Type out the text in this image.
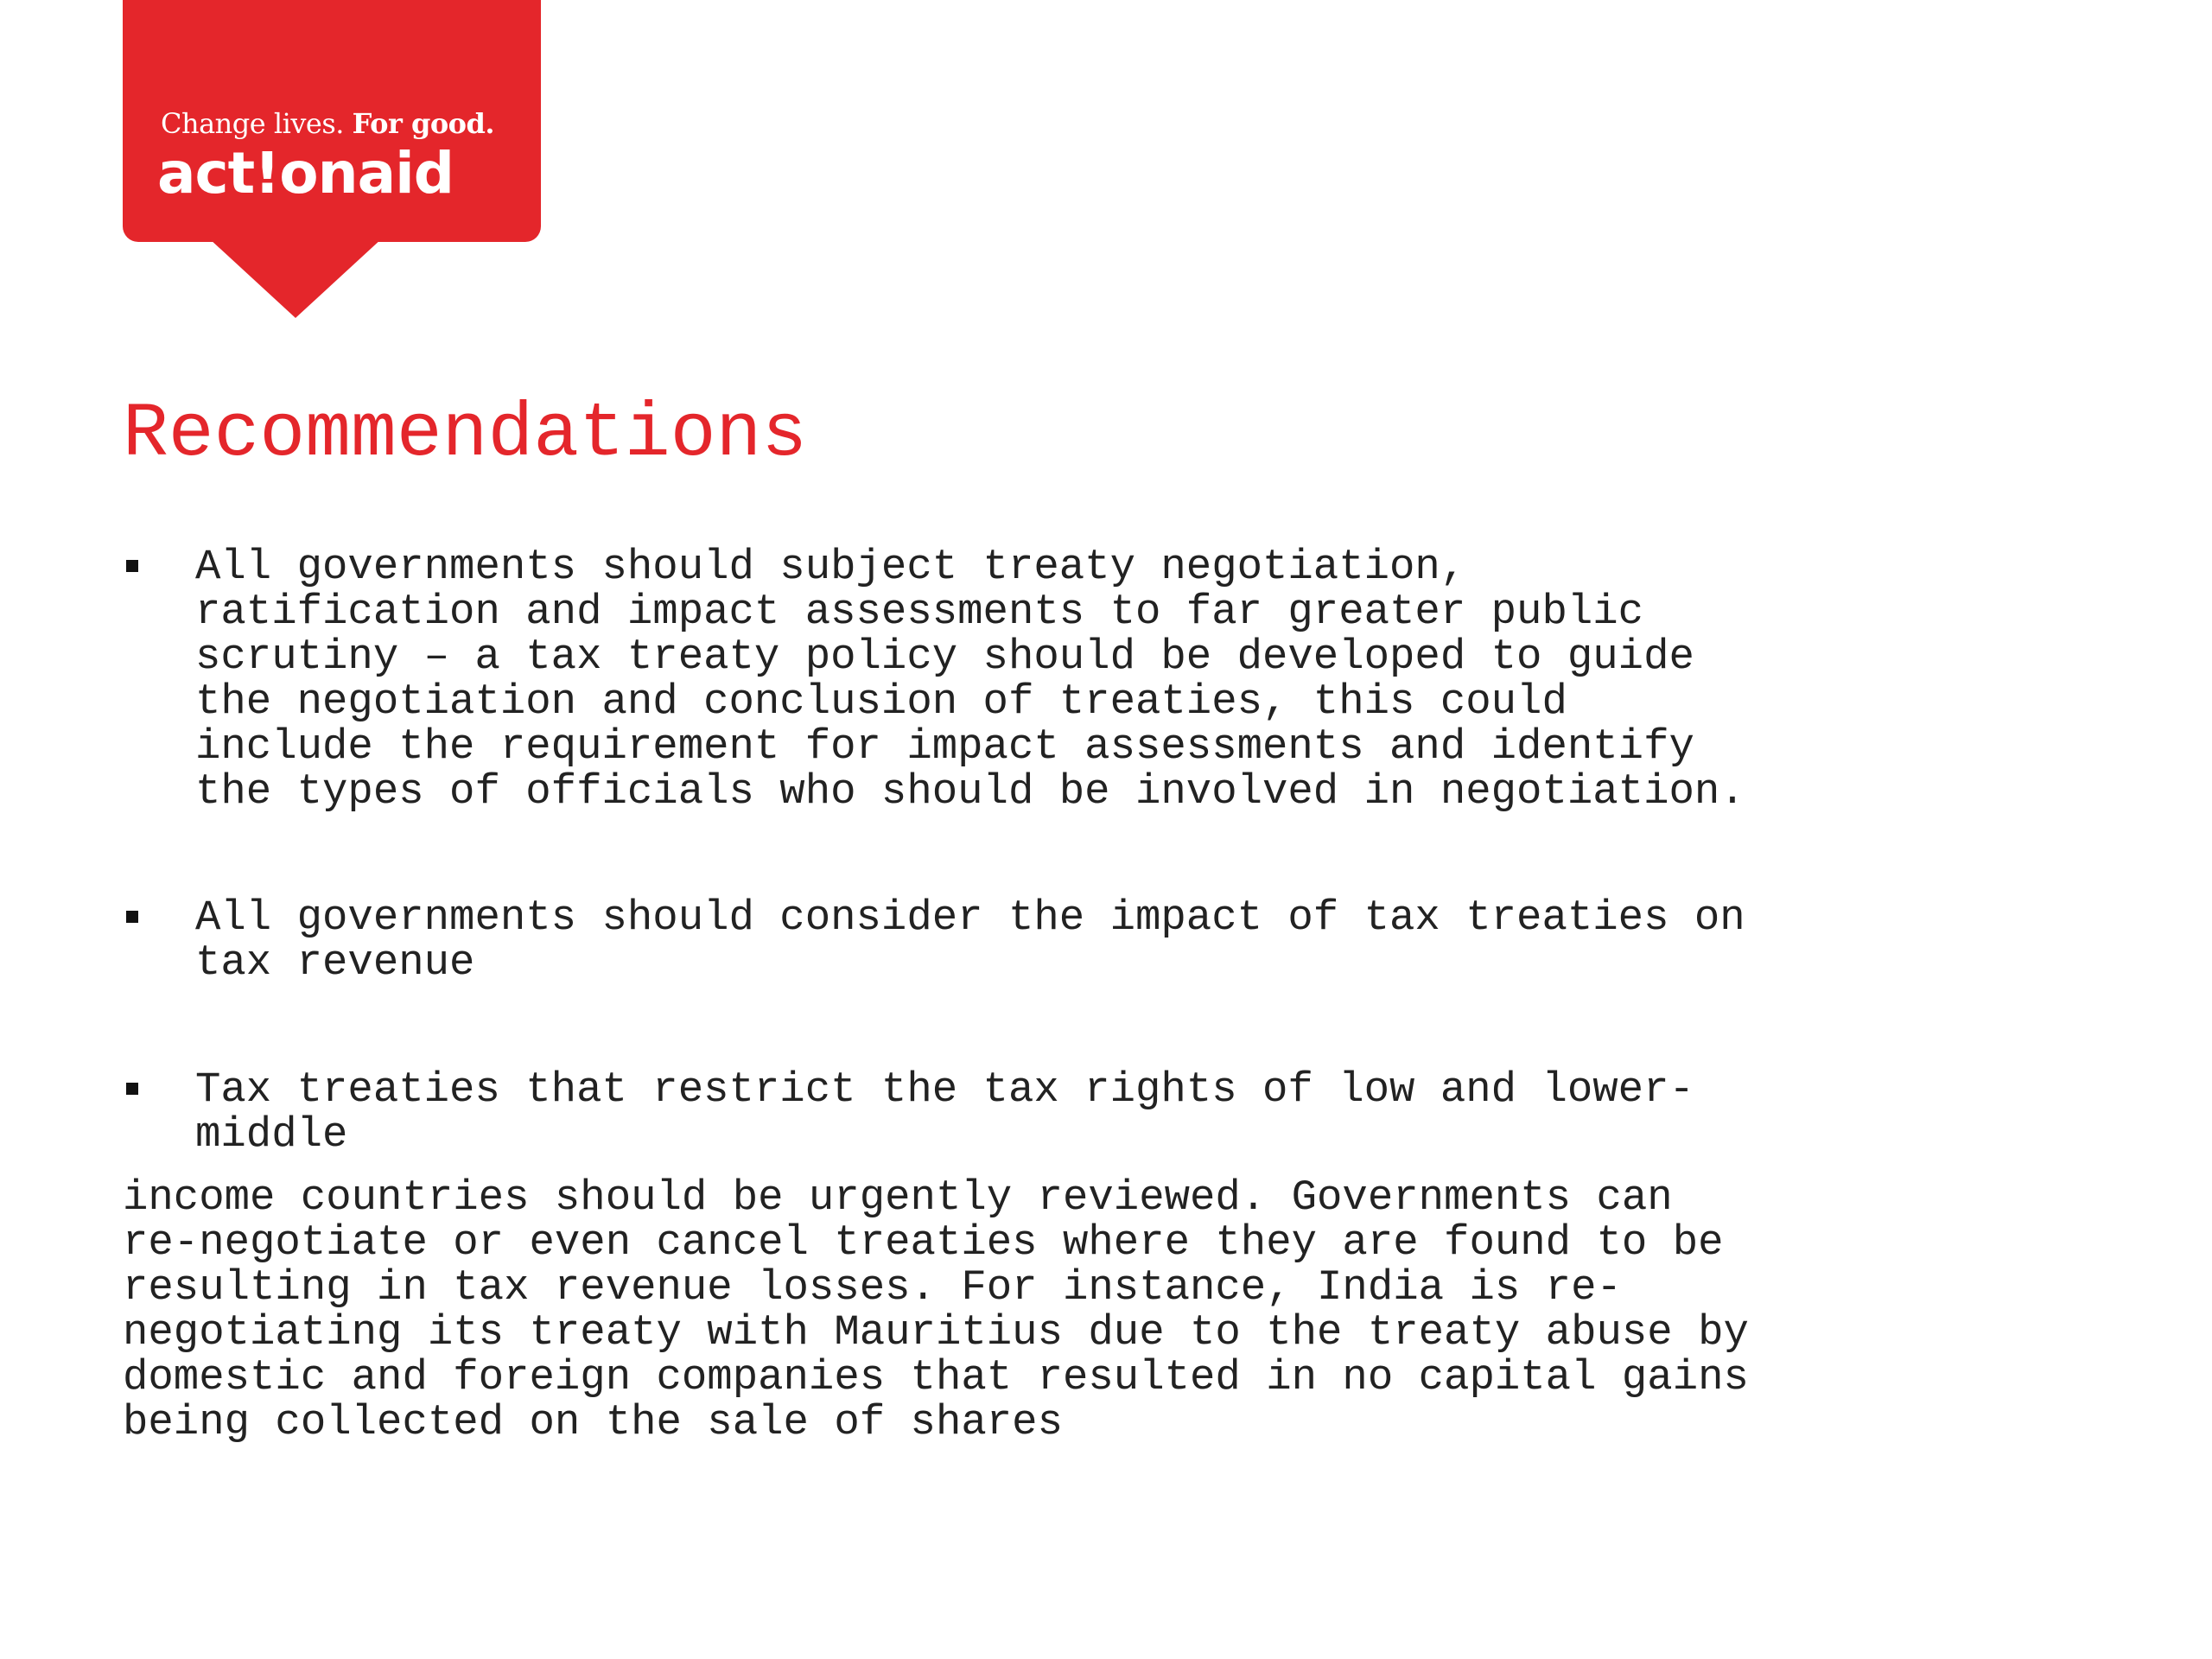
Change lives. For good.
act!onaid
Recommendations
All governments should subject treaty negotiation,
ratification and impact assessments to far greater public
scrutiny – a tax treaty policy should be developed to guide
the negotiation and conclusion of treaties, this could
include the requirement for impact assessments and identify
the types of officials who should be involved in negotiation.
All governments should consider the impact of tax treaties on
tax revenue
Tax treaties that restrict the tax rights of low and lower-
middle
income countries should be urgently reviewed. Governments can
re-negotiate or even cancel treaties where they are found to be
resulting in tax revenue losses. For instance, India is re-
negotiating its treaty with Mauritius due to the treaty abuse by
domestic and foreign companies that resulted in no capital gains
being collected on the sale of shares
